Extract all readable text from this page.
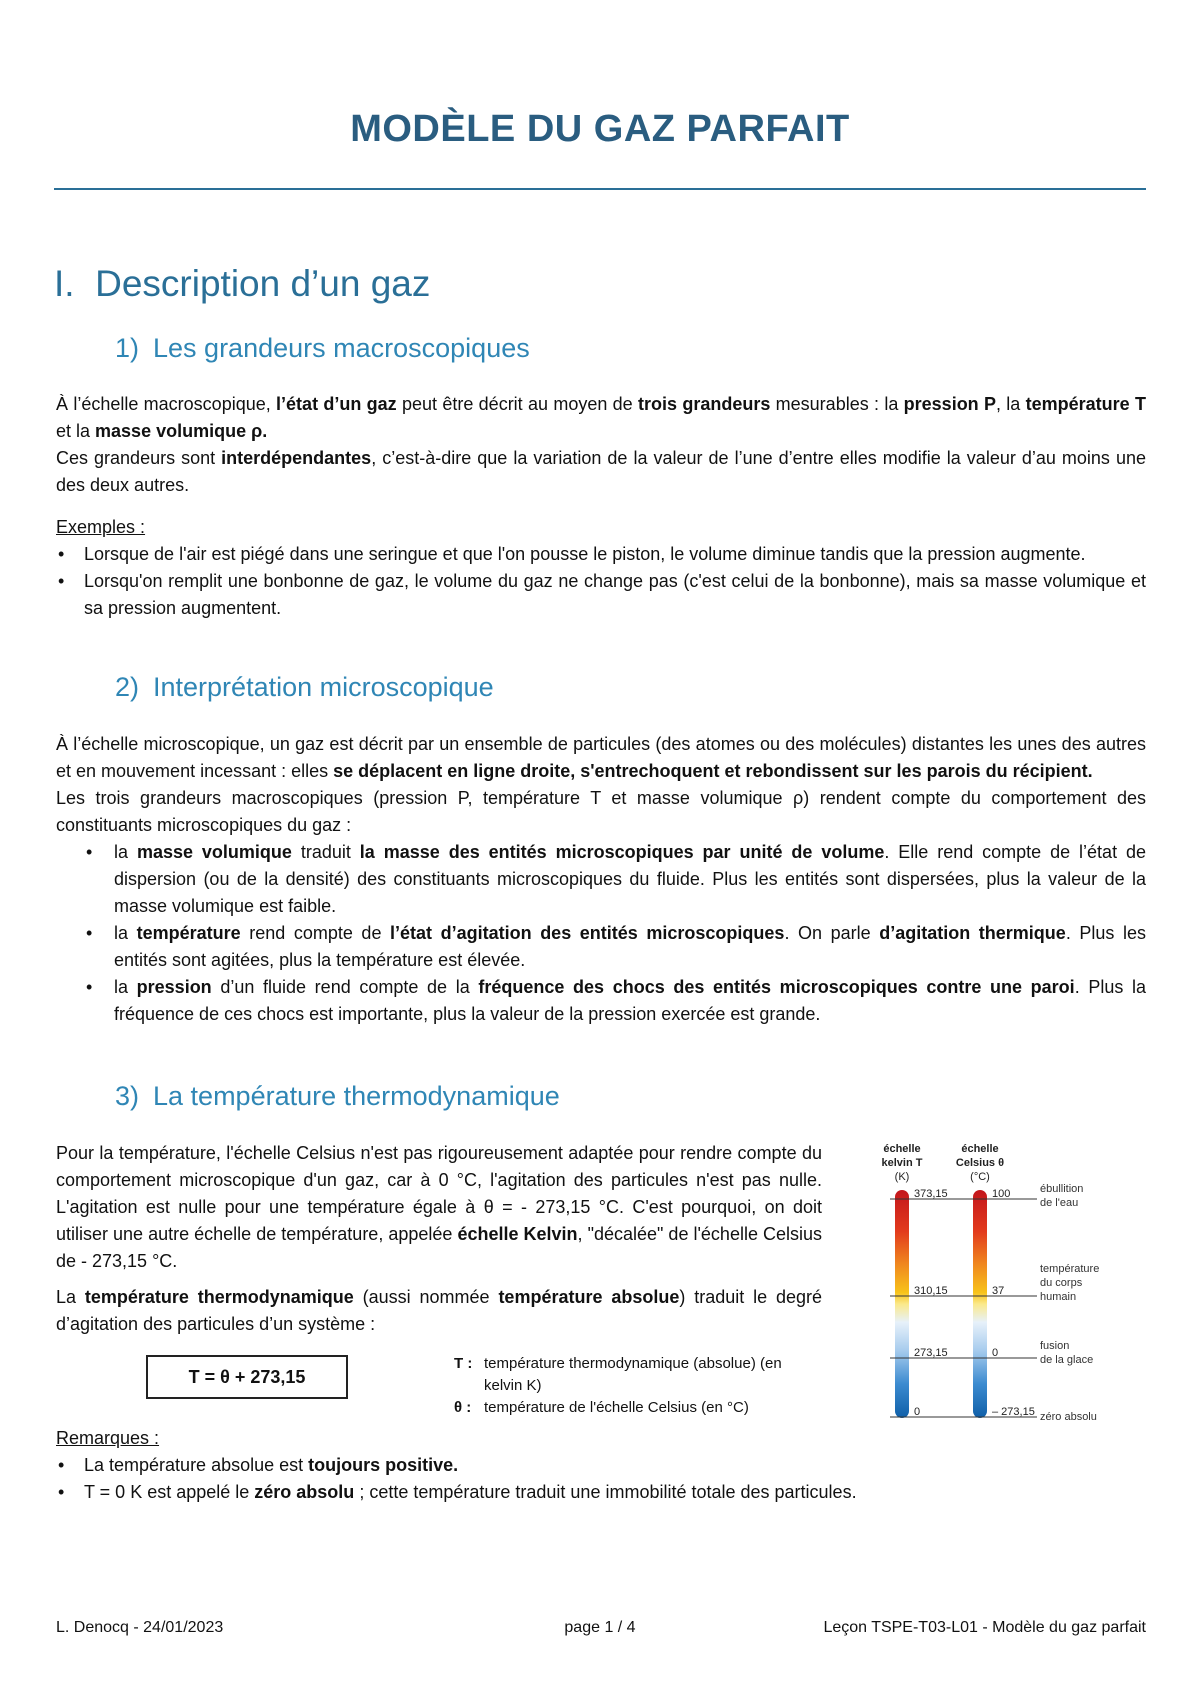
MODÈLE DU GAZ PARFAIT
I. Description d’un gaz
1) Les grandeurs macroscopiques

À l’échelle macroscopique, l’état d’un gaz peut être décrit au moyen de trois grandeurs mesurables : la pression P, la température T et la masse volumique ρ.

Ces grandeurs sont interdépendantes, c’est-à-dire que la variation de la valeur de l’une d’entre elles modifie la valeur d’au moins une des deux autres.

Exemples :

• Lorsque de l'air est piégé dans une seringue et que l'on pousse le piston, le volume diminue tandis que la pression augmente.

• Lorsqu'on remplit une bonbonne de gaz, le volume du gaz ne change pas (c'est celui de la bonbonne), mais sa masse volumique et sa pression augmentent.

2) Interprétation microscopique

À l’échelle microscopique, un gaz est décrit par un ensemble de particules (des atomes ou des molécules) distantes les unes des autres et en mouvement incessant : elles se déplacent en ligne droite, s'entrechoquent et rebondissent sur les parois du récipient.

Les trois grandeurs macroscopiques (pression P, température T et masse volumique ρ) rendent compte du comportement des constituants microscopiques du gaz :

• la masse volumique traduit la masse des entités microscopiques par unité de volume. Elle rend compte de l’état de dispersion (ou de la densité) des constituants microscopiques du fluide. Plus les entités sont dispersées, plus la valeur de la masse volumique est faible.

• la température rend compte de l’état d’agitation des entités microscopiques. On parle d’agitation thermique. Plus les entités sont agitées, plus la température est élevée.

• la pression d’un fluide rend compte de la fréquence des chocs des entités microscopiques contre une paroi. Plus la fréquence de ces chocs est importante, plus la valeur de la pression exercée est grande.

3) La température thermodynamique

Pour la température, l'échelle Celsius n'est pas rigoureusement adaptée pour rendre compte du comportement microscopique d'un gaz, car à 0 °C, l'agitation des particules n'est pas nulle. L'agitation est nulle pour une température égale à θ = - 273,15 °C. C'est pourquoi, on doit utiliser une autre échelle de température, appelée échelle Kelvin, "décalée" de l'échelle Celsius de - 273,15 °C.

La température thermodynamique (aussi nommée température absolue) traduit le degré d’agitation des particules d’un système :

T = θ + 273,15
T : température thermodynamique (absolue) (en kelvin K)
θ : température de l'échelle Celsius (en °C)
échelle
kelvin T
(K)
échelle
Celsius θ
(°C)
373,15
310,15
273,15
0
100
37
0
– 273,15
ébullition
de l'eau
température
du corps
humain
fusion
de la glace
zéro absolu

Remarques :

• La température absolue est toujours positive.

• T = 0 K est appelé le zéro absolu ; cette température traduit une immobilité totale des particules.

L. Denocq - 24/01/2023	page 1 / 4	Leçon TSPE-T03-L01 - Modèle du gaz parfait
